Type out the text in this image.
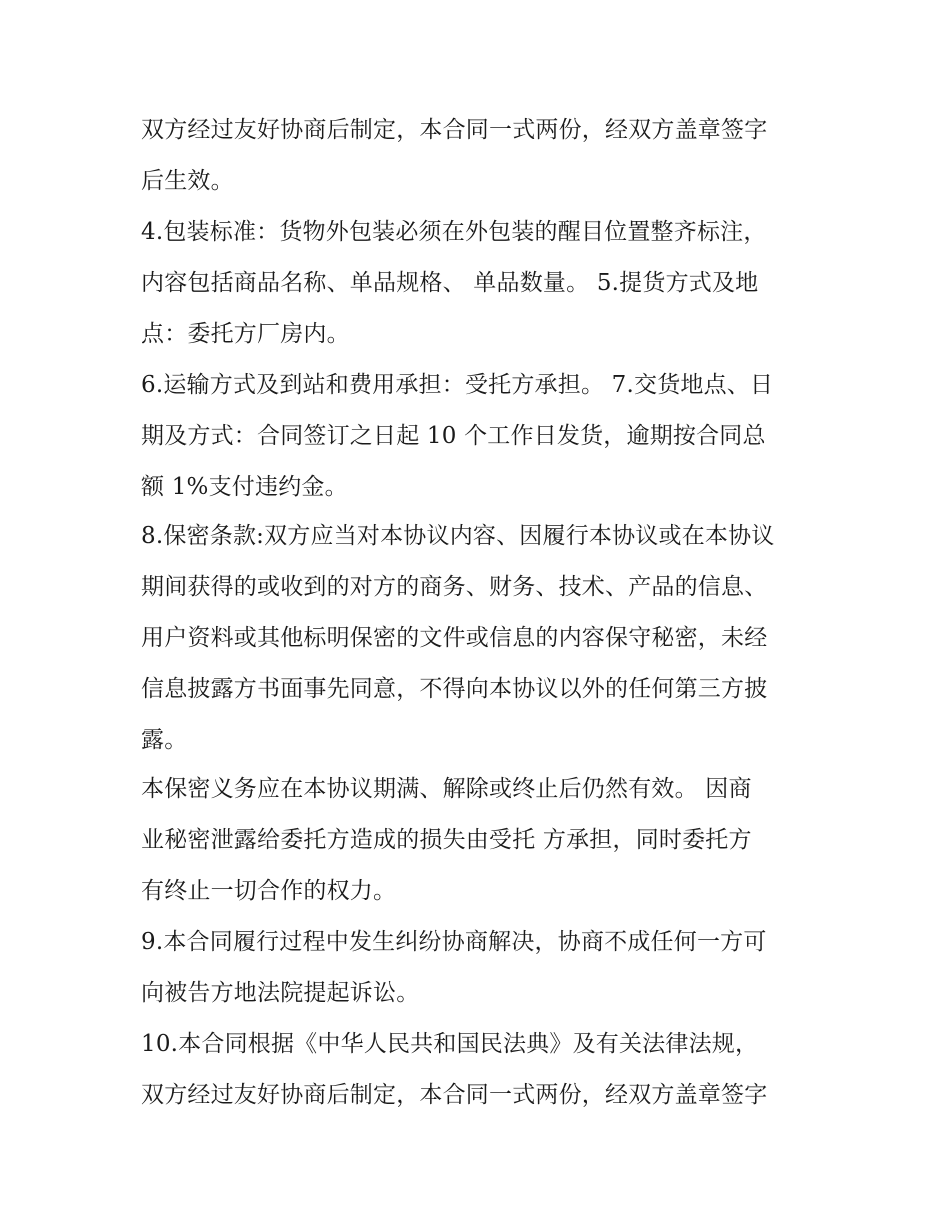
双方经过友好协商后制定，本合同一式两份，经双方盖章签字
后生效。
4.包装标准：货物外包装必须在外包装的醒目位置整齐标注，
内容包括商品名称、单品规格、 单品数量。 5.提货方式及地
点：委托方厂房内。
6.运输方式及到站和费用承担：受托方承担。 7.交货地点、日
期及方式：合同签订之日起 10 个工作日发货，逾期按合同总
额 1%支付违约金。
8.保密条款:双方应当对本协议内容、因履行本协议或在本协议
期间获得的或收到的对方的商务、财务、技术、产品的信息、
用户资料或其他标明保密的文件或信息的内容保守秘密，未经
信息披露方书面事先同意，不得向本协议以外的任何第三方披
露。
本保密义务应在本协议期满、解除或终止后仍然有效。 因商
业秘密泄露给委托方造成的损失由受托 方承担，同时委托方
有终止一切合作的权力。
9.本合同履行过程中发生纠纷协商解决，协商不成任何一方可
向被告方地法院提起诉讼。
10.本合同根据《中华人民共和国民法典》及有关法律法规，
双方经过友好协商后制定，本合同一式两份，经双方盖章签字
